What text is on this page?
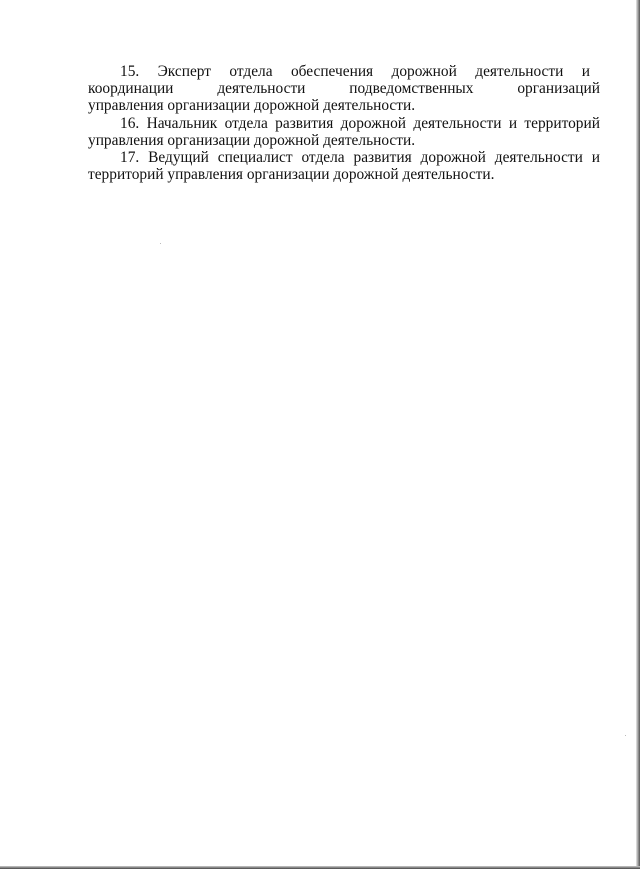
15. Эксперт отдела обеспечения дорожной деятельности и
координации	деятельности	подведомственных	организаций
управления организации дорожной деятельности.

16. Начальник отдела развития дорожной деятельности и территорий
управления организации дорожной деятельности.

17. Ведущий специалист отдела развития дорожной деятельности и
территорий управления организации дорожной деятельности.
